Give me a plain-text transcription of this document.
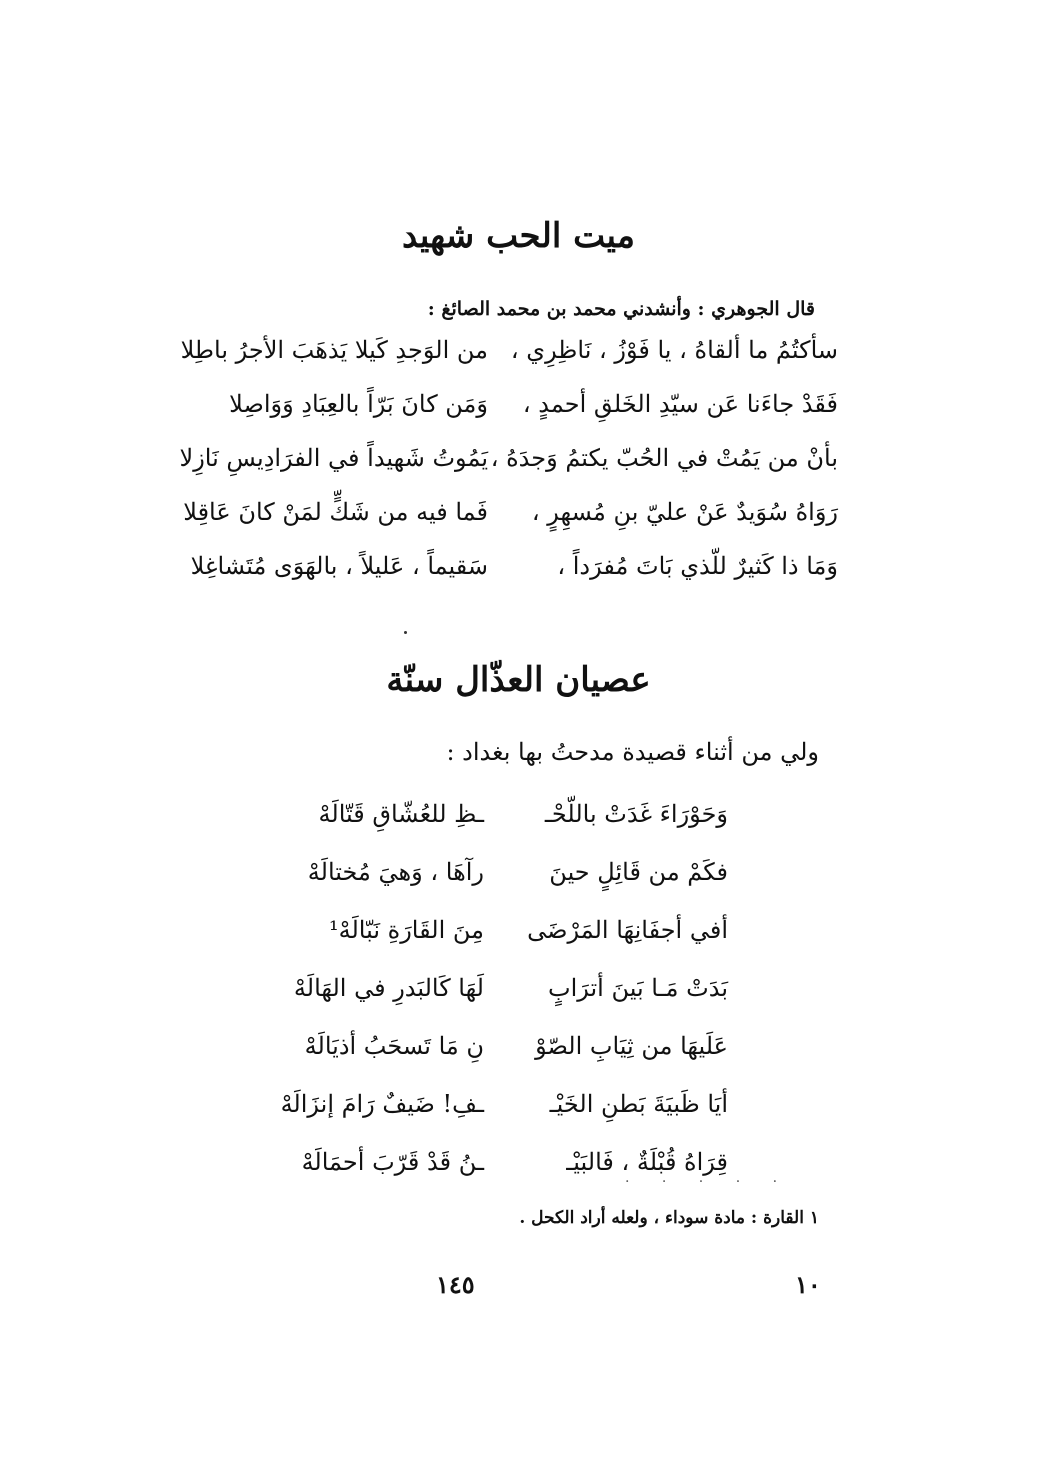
ميت الحب شهيد
قال الجوهري : وأنشدني محمد بن محمد الصائغ :
سأكتُمُ ما ألقاهُ ، يا فَوْزُ ، نَاظِرِي ،
من الوَجدِ كَيلا يَذهَبَ الأجرُ باطِلا
فَقَدْ جاءَنا عَن سيّدِ الخَلقِ أحمدٍ ،
وَمَن كانَ بَرّاً بالعِبَادِ وَوَاصِلا
بأنْ من يَمُتْ في الحُبّ يكتمُ وَجدَهُ ،
يَمُوتُ شَهيداً في الفرَادِيسِ نَازِلا
رَوَاهُ سُوَيدٌ عَنْ عليّ بنِ مُسهِرٍ ،
فَما فيه من شَكٍّ لمَنْ كانَ عَاقِلا
وَمَا ذا كَثيرٌ للّذي بَاتَ مُفرَداً ،
سَقيماً ، عَليلاً ، بالهَوَى مُتَشاغِلا
عصيان العذّال سنّة
ولي من أثناء قصيدة مدحتُ بها بغداد :
وَحَوْرَاءَ غَدَتْ باللّحْـ
ـظِ للعُشّاقِ قَتّالَهْ
فكَمْ من قَائِلٍ حينَ
رآهَا ، وَهيَ مُختالَهْ
أفي أجفَانِهَا المَرْضَى
مِنَ القَارَةِ نَبّالَهْ¹
بَدَتْ مَـا بَينَ أترَابٍ
لَهَا كَالبَدرِ في الهَالَهْ
عَلَيهَا من ثِيَابِ الصّوْ
نِ مَا تَسحَبُ أذيَالَهْ
أيَا ظَبيَةَ بَطنِ الخَيْـ
ـفِ! ضَيفٌ رَامَ إنزَالَهْ
قِرَاهُ قُبْلَةٌ ، فَالبَيْـ
ـنُ قَدْ قَرّبَ أحمَالَهْ
. . . . .
١ القارة : مادة سوداء ، ولعله أراد الكحل .
١٤٥	١٠
